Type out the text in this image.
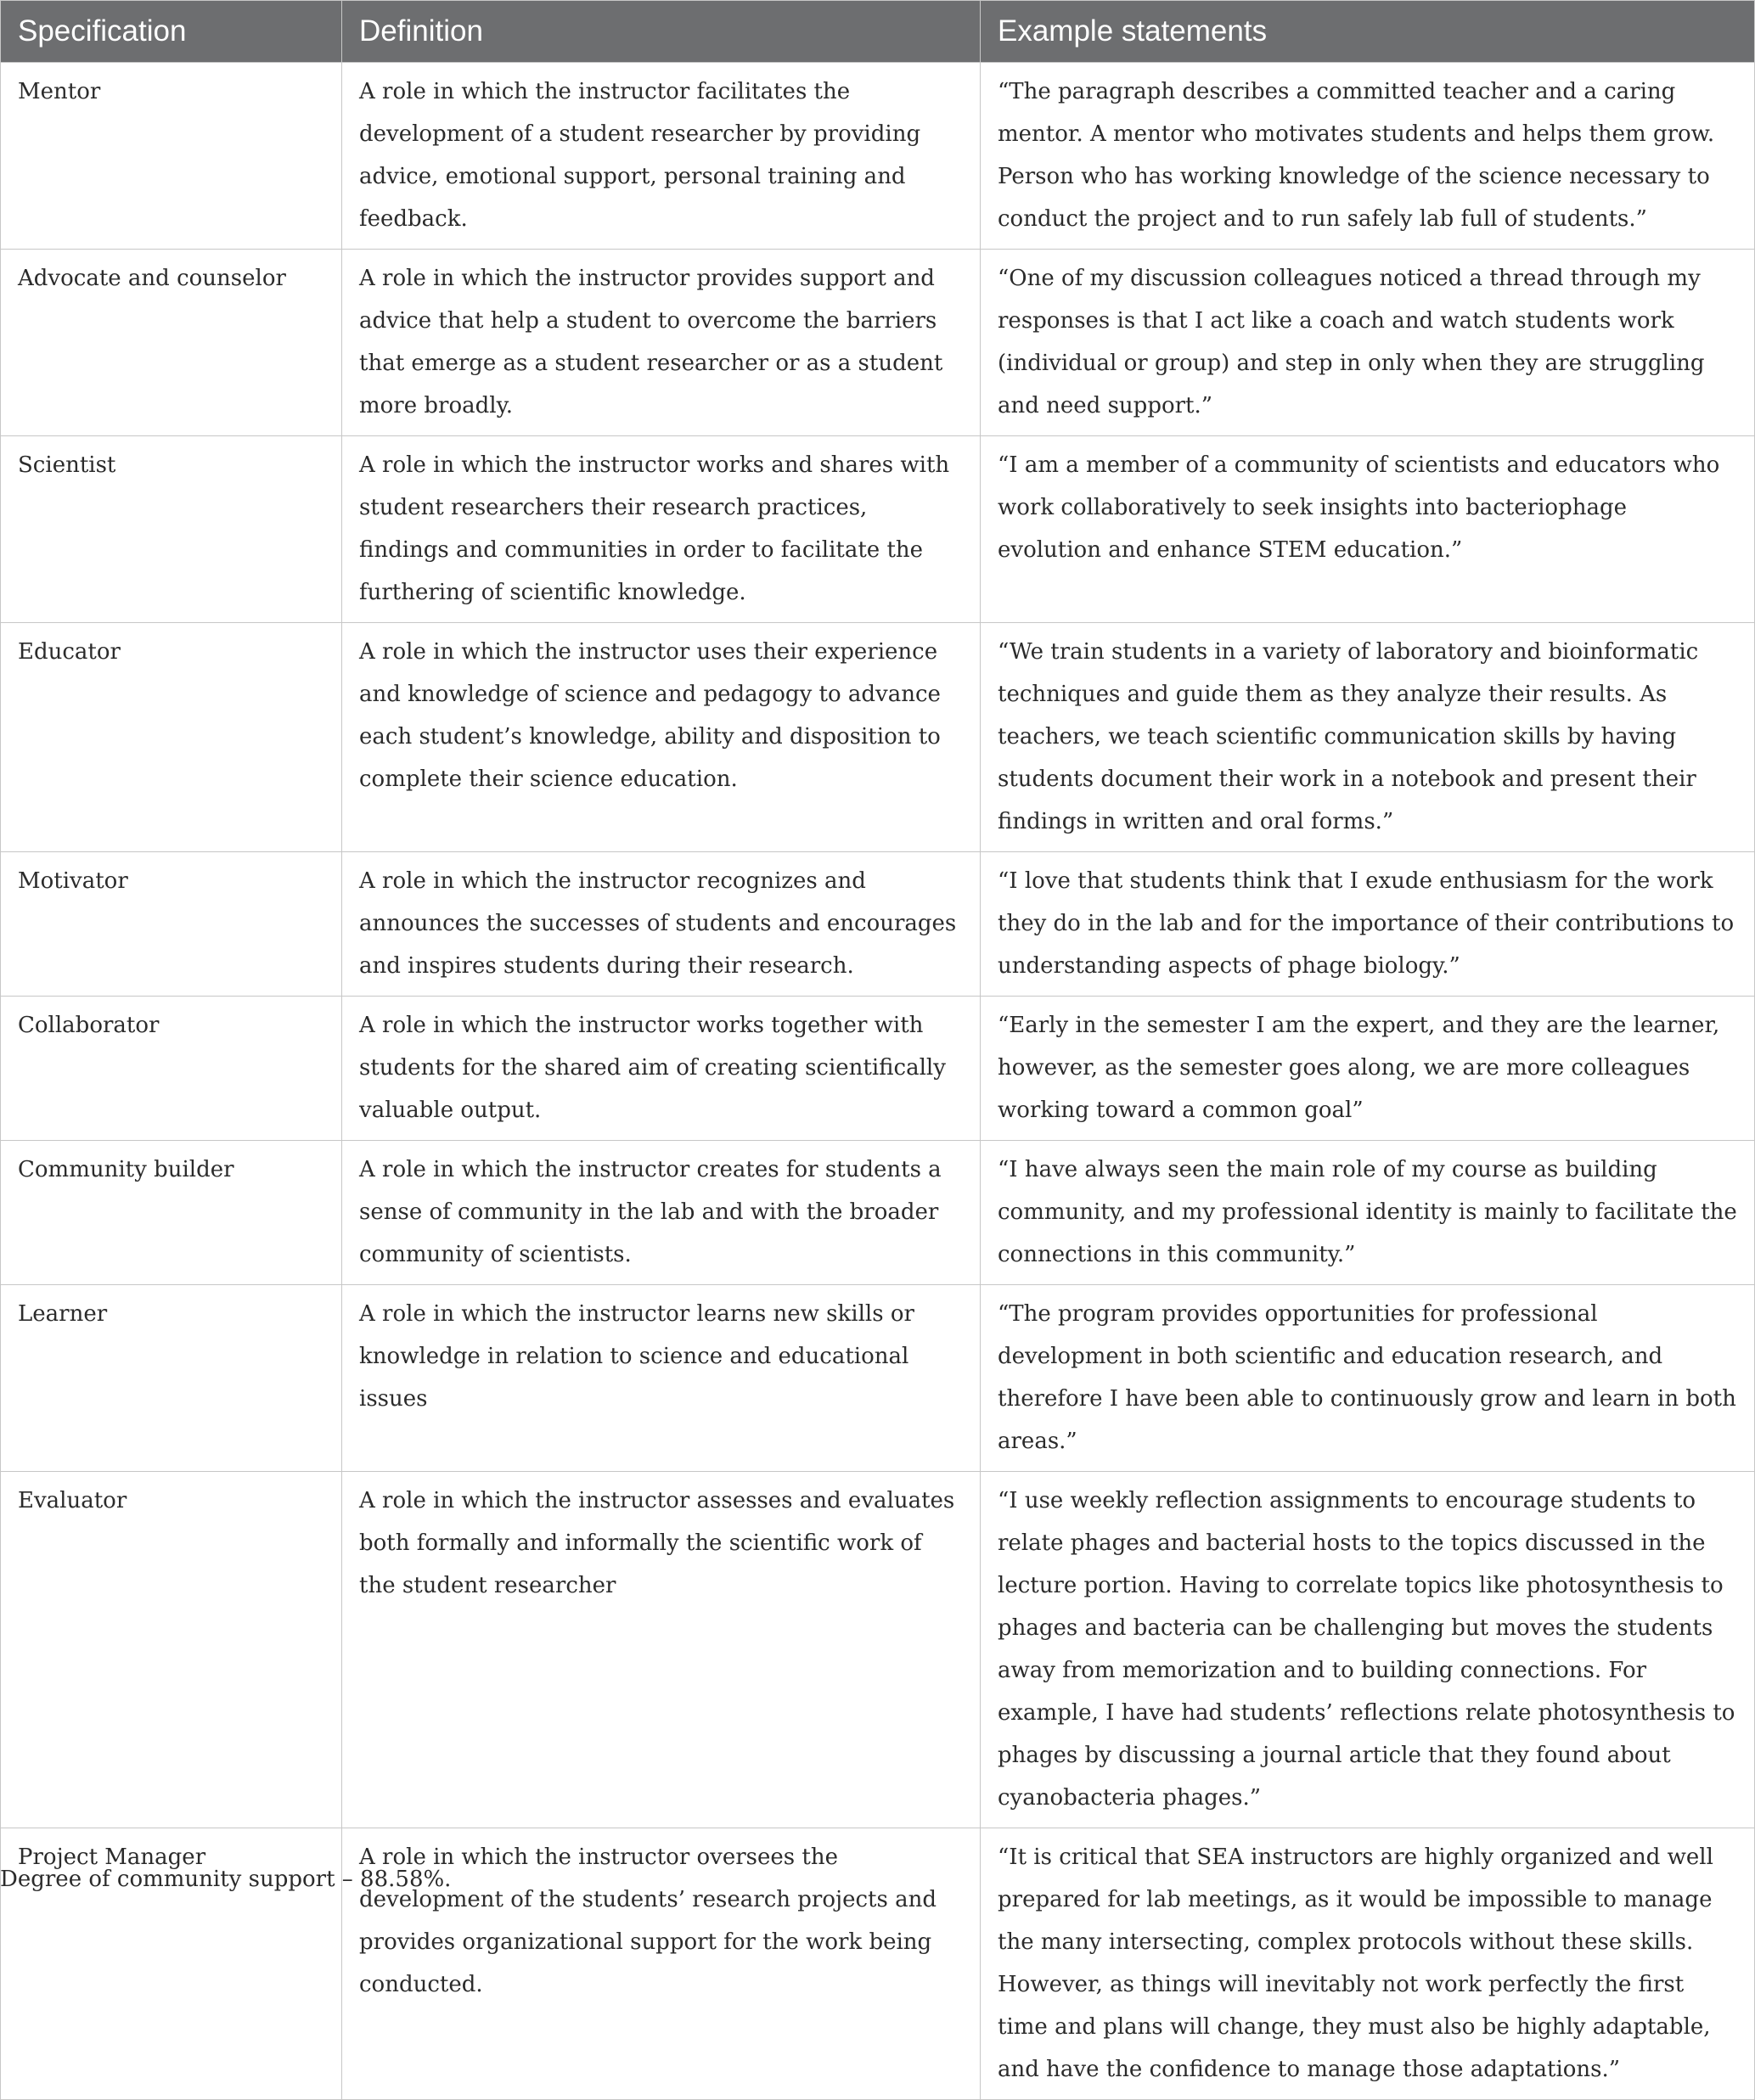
Specification	Definition	Example statements
Mentor	A role in which the instructor facilitates the development of a student researcher by providing advice, emotional support, personal training and feedback.	“The paragraph describes a committed teacher and a caring mentor. A mentor who motivates students and helps them grow. Person who has working knowledge of the science necessary to conduct the project and to run safely lab full of students.”
Advocate and counselor	A role in which the instructor provides support and advice that help a student to overcome the barriers that emerge as a student researcher or as a student more broadly.	“One of my discussion colleagues noticed a thread through my responses is that I act like a coach and watch students work (individual or group) and step in only when they are struggling and need support.”
Scientist	A role in which the instructor works and shares with student researchers their research practices, findings and communities in order to facilitate the furthering of scientific knowledge.	“I am a member of a community of scientists and educators who work collaboratively to seek insights into bacteriophage evolution and enhance STEM education.”
Educator	A role in which the instructor uses their experience and knowledge of science and pedagogy to advance each student’s knowledge, ability and disposition to complete their science education.	“We train students in a variety of laboratory and bioinformatic techniques and guide them as they analyze their results. As teachers, we teach scientific communication skills by having students document their work in a notebook and present their findings in written and oral forms.”
Motivator	A role in which the instructor recognizes and announces the successes of students and encourages and inspires students during their research.	“I love that students think that I exude enthusiasm for the work they do in the lab and for the importance of their contributions to understanding aspects of phage biology.”
Collaborator	A role in which the instructor works together with students for the shared aim of creating scientifically valuable output.	“Early in the semester I am the expert, and they are the learner, however, as the semester goes along, we are more colleagues working toward a common goal”
Community builder	A role in which the instructor creates for students a sense of community in the lab and with the broader community of scientists.	“I have always seen the main role of my course as building community, and my professional identity is mainly to facilitate the connections in this community.”
Learner	A role in which the instructor learns new skills or knowledge in relation to science and educational issues	“The program provides opportunities for professional development in both scientific and education research, and therefore I have been able to continuously grow and learn in both areas.”
Evaluator	A role in which the instructor assesses and evaluates both formally and informally the scientific work of the student researcher	“I use weekly reflection assignments to encourage students to relate phages and bacterial hosts to the topics discussed in the lecture portion. Having to correlate topics like photosynthesis to phages and bacteria can be challenging but moves the students away from memorization and to building connections. For example, I have had students’ reflections relate photosynthesis to phages by discussing a journal article that they found about cyanobacteria phages.”
Project Manager	A role in which the instructor oversees the development of the students’ research projects and provides organizational support for the work being conducted.	“It is critical that SEA instructors are highly organized and well prepared for lab meetings, as it would be impossible to manage the many intersecting, complex protocols without these skills. However, as things will inevitably not work perfectly the first time and plans will change, they must also be highly adaptable, and have the confidence to manage those adaptations.”

Degree of community support – 88.58%.
